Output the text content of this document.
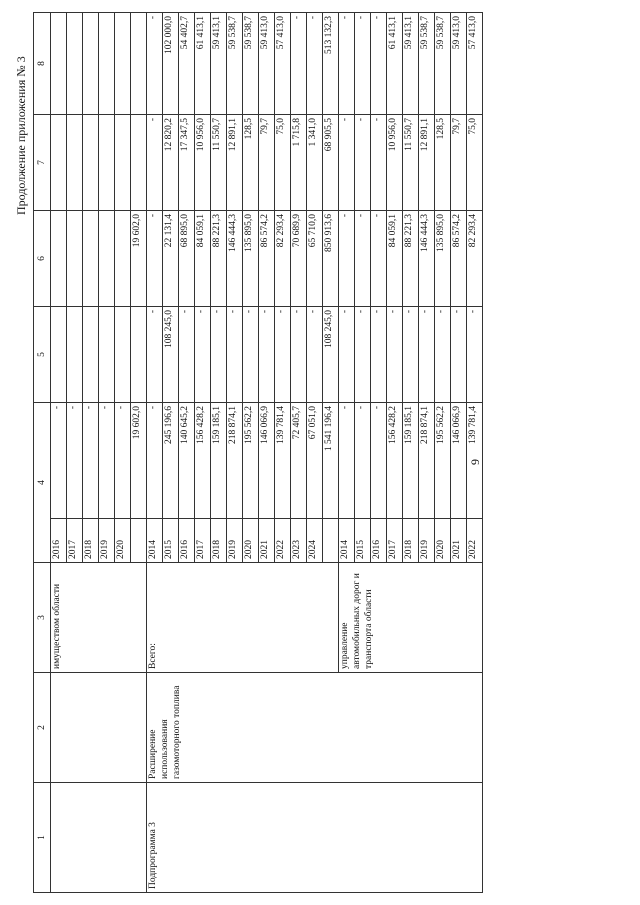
9
Продолжение приложения № 3
1	2	3	4		5	6	7	8
		имуществом области	2016	-				
			2017	-				
			2018	-				
			2019	-				
			2020	-				
				19 602,0		19 602,0		
Подпрограмма 3	Расширение использования газомоторного топлива	Всего:	2014	-	-	-	-	-
			2015	245 196,6	108 245,0	22 131,4	12 820,2	102 000,0
			2016	140 645,2	-	68 895,0	17 347,5	54 402,7
			2017	156 428,2	-	84 059,1	10 956,0	61 413,1
			2018	159 185,1	-	88 221,3	11 550,7	59 413,1
			2019	218 874,1	-	146 444,3	12 891,1	59 538,7
			2020	195 562,2	-	135 895,0	128,5	59 538,7
			2021	146 066,9	-	86 574,2	79,7	59 413,0
			2022	139 781,4	-	82 293,4	75,0	57 413,0
			2023	72 405,7	-	70 689,9	1 715,8	-
			2024	67 051,0	-	65 710,0	1 341,0	-
				1 541 196,4	108 245,0	850 913,6	68 905,5	513 132,3
		управление автомобильных дорог и транспорта области	2014	-	-	-	-	-
			2015	-	-	-	-	-
			2016	-	-	-	-	-
			2017	156 428,2	-	84 059,1	10 956,0	61 413,1
			2018	159 185,1	-	88 221,3	11 550,7	59 413,1
			2019	218 874,1	-	146 444,3	12 891,1	59 538,7
			2020	195 562,2	-	135 895,0	128,5	59 538,7
			2021	146 066,9	-	86 574,2	79,7	59 413,0
			2022	139 781,4	-	82 293,4	75,0	57 413,0
